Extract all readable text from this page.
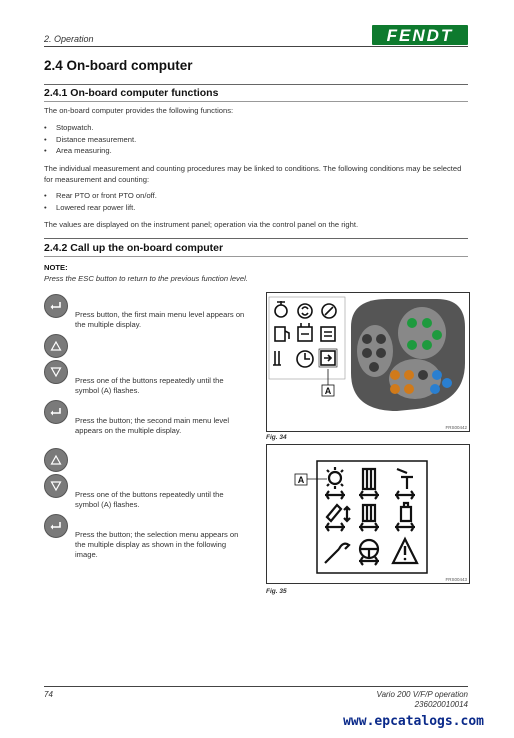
2. Operation	FENDT
2.4 On-board computer
2.4.1 On-board computer functions
The on-board computer provides the following functions:
• Stopwatch.
• Distance measurement.
• Area measuring.
The individual measurement and counting procedures may be linked to conditions. The following conditions may be selected for measurement and counting:
• Rear PTO or front PTO on/off.
• Lowered rear power lift.
The values are displayed on the instrument panel; operation via the control panel on the right.
2.4.2 Call up the on-board computer
NOTE:
Press the ESC button to return to the previous function level.
Press button, the first main menu level appears on the multiple display.
Press one of the buttons repeatedly until the symbol (A) flashes.
Press the button; the second main menu level appears on the multiple display.
Press one of the buttons repeatedly until the symbol (A) flashes.
Press the button; the selection menu appears on the multiple display as shown in the following image.
A
FRS00442
Fig. 34
A
FRS00443
Fig. 35
74	Vario 200 V/F/P operation
236020010014
www.epcatalogs.com
